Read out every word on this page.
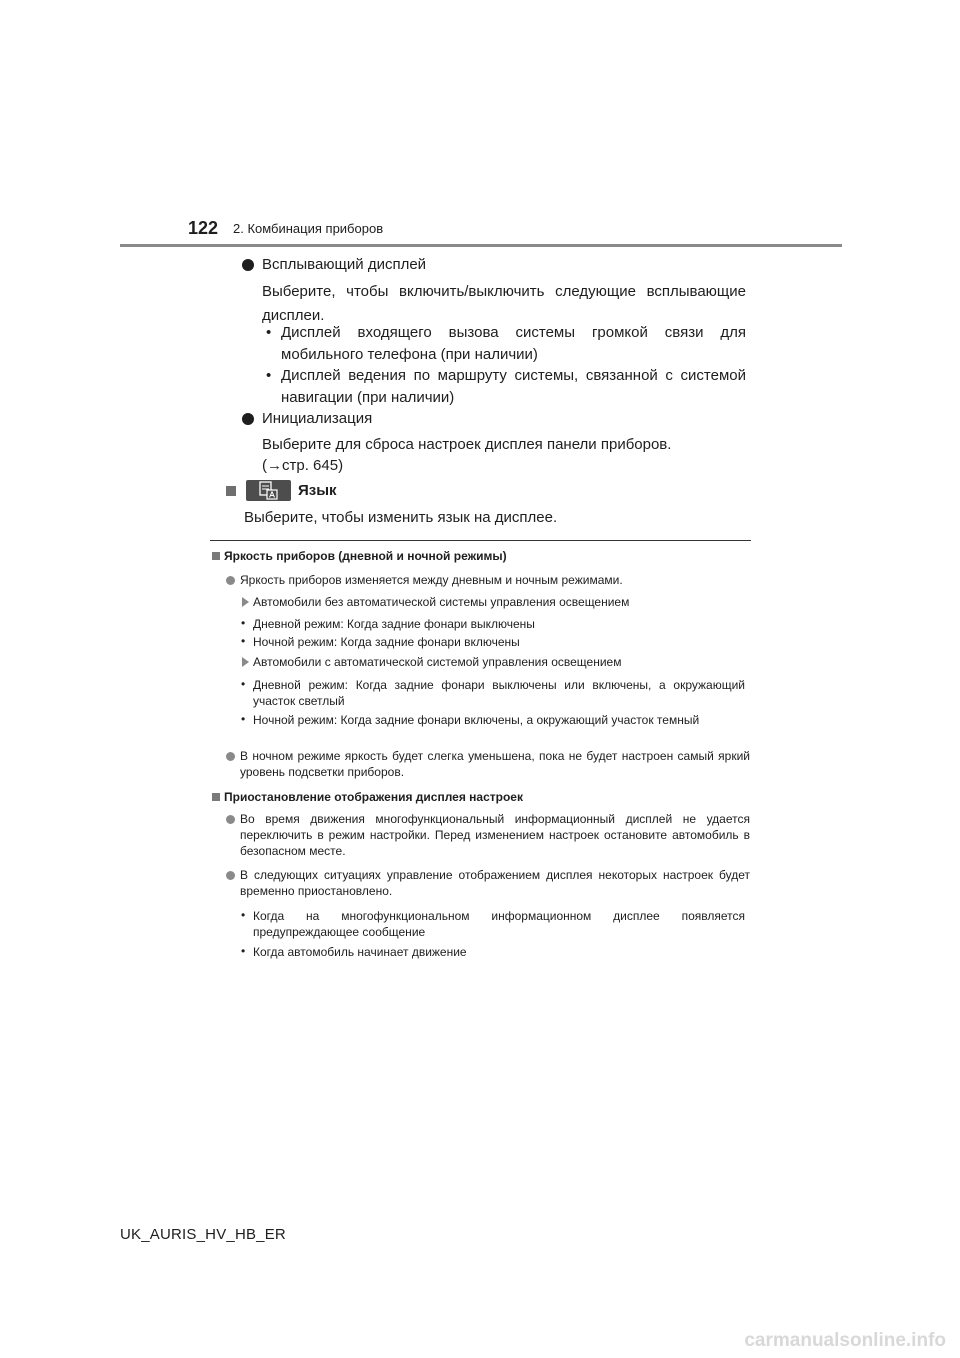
122 2. Комбинация приборов
Всплывающий дисплей
Выберите, чтобы включить/выключить следующие всплывающие дисплеи.
• Дисплей входящего вызова системы громкой связи для мобильного телефона (при наличии)
• Дисплей ведения по маршруту системы, связанной с системой навигации (при наличии)
Инициализация
Выберите для сброса настроек дисплея панели приборов.
(→стр. 645)
Язык
Выберите, чтобы изменить язык на дисплее.
Яркость приборов (дневной и ночной режимы)
Яркость приборов изменяется между дневным и ночным режимами.
Автомобили без автоматической системы управления освещением
• Дневной режим: Когда задние фонари выключены
• Ночной режим: Когда задние фонари включены
Автомобили с автоматической системой управления освещением
• Дневной режим: Когда задние фонари выключены или включены, а окружающий участок светлый
• Ночной режим: Когда задние фонари включены, а окружающий участок темный
В ночном режиме яркость будет слегка уменьшена, пока не будет настроен самый яркий уровень подсветки приборов.
Приостановление отображения дисплея настроек
Во время движения многофункциональный информационный дисплей не удается переключить в режим настройки. Перед изменением настроек остановите автомобиль в безопасном месте.
В следующих ситуациях управление отображением дисплея некоторых настроек будет временно приостановлено.
• Когда на многофункциональном информационном дисплее появляется предупреждающее сообщение
• Когда автомобиль начинает движение
UK_AURIS_HV_HB_ER
carmanualsonline.info
